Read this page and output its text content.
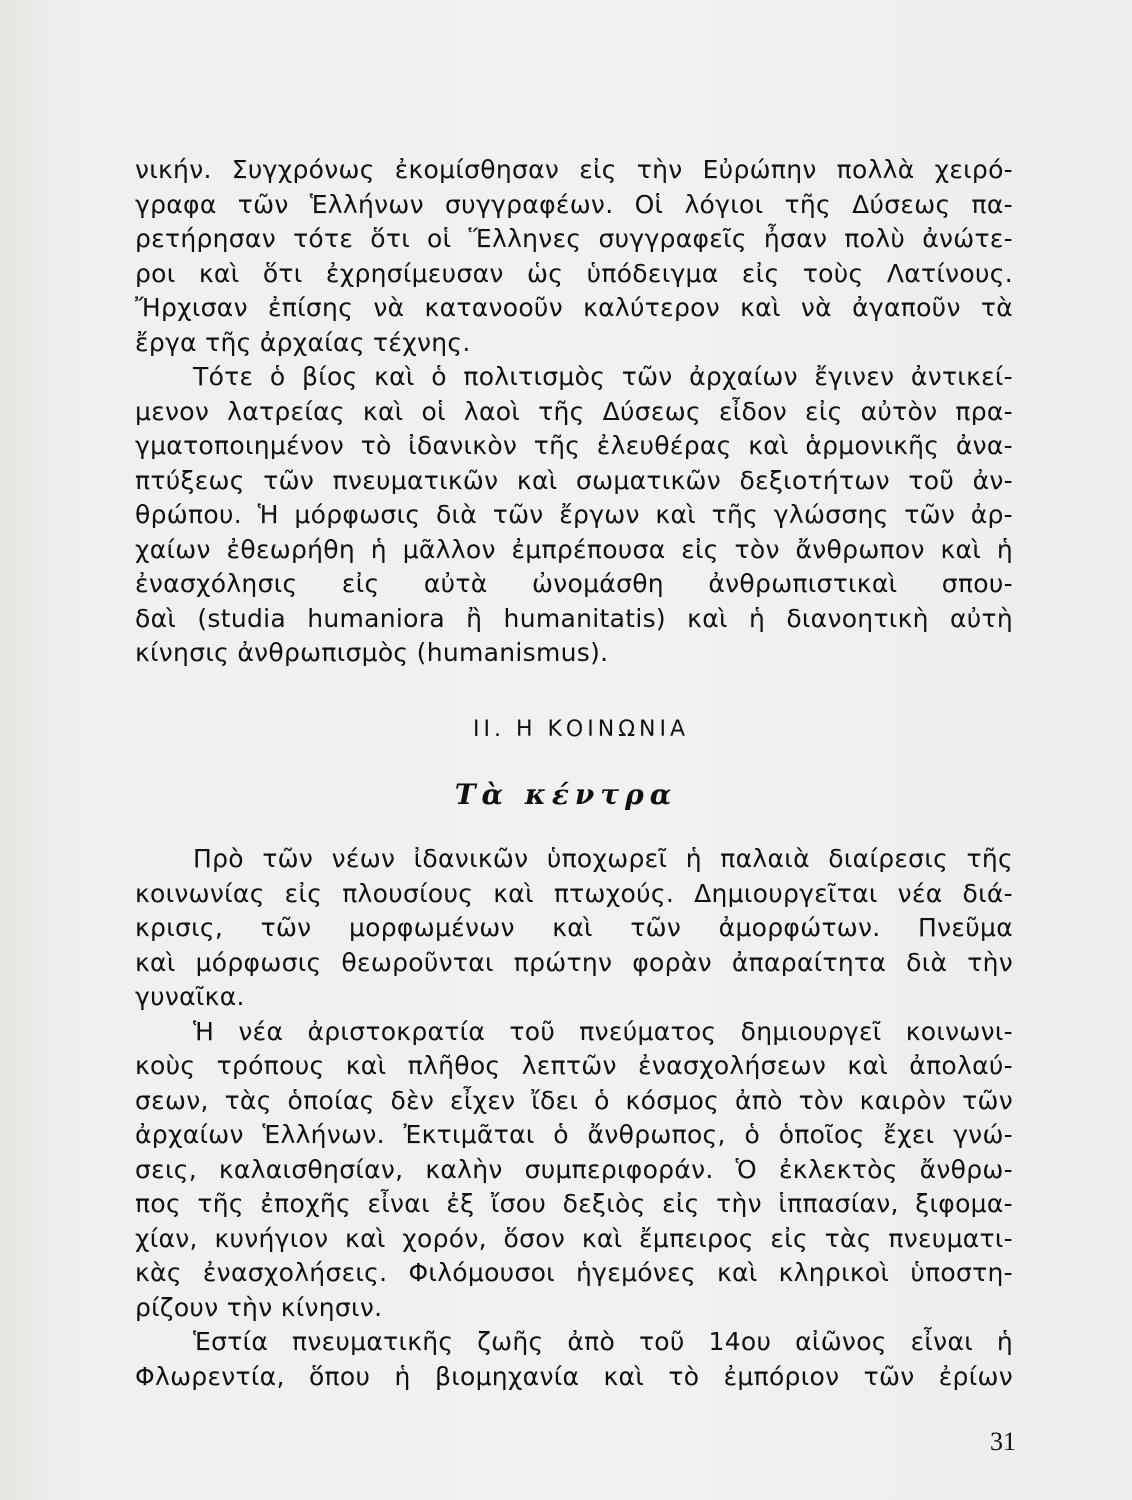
νικήν. Συγχρόνως ἐκομίσθησαν εἰς τὴν Εὐρώπην πολλὰ χειρό-
γραφα τῶν Ἑλλήνων συγγραφέων. Οἱ λόγιοι τῆς Δύσεως πα-
ρετήρησαν τότε ὅτι οἱ Ἕλληνες συγγραφεῖς ἦσαν πολὺ ἀνώτε-
ροι καὶ ὅτι ἐχρησίμευσαν ὡς ὑπόδειγμα εἰς τοὺς Λατίνους.
Ἤρχισαν ἐπίσης νὰ κατανοοῦν καλύτερον καὶ νὰ ἀγαποῦν τὰ
ἔργα τῆς ἀρχαίας τέχνης.
Τότε ὁ βίος καὶ ὁ πολιτισμὸς τῶν ἀρχαίων ἔγινεν ἀντικεί-
μενον λατρείας καὶ οἱ λαοὶ τῆς Δύσεως εἶδον εἰς αὐτὸν πρα-
γματοποιημένον τὸ ἰδανικὸν τῆς ἐλευθέρας καὶ ἁρμονικῆς ἀνα-
πτύξεως τῶν πνευματικῶν καὶ σωματικῶν δεξιοτήτων τοῦ ἀν-
θρώπου. Ἡ μόρφωσις διὰ τῶν ἔργων καὶ τῆς γλώσσης τῶν ἀρ-
χαίων ἐθεωρήθη ἡ μᾶλλον ἐμπρέπουσα εἰς τὸν ἄνθρωπον καὶ ἡ
ἐνασχόλησις εἰς αὐτὰ ὠνομάσθη ἀνθρωπιστικαὶ σπου-
δαὶ (studia humaniora ἢ humanitatis) καὶ ἡ διανοητικὴ αὐτὴ
κίνησις ἀνθρωπισμὸς (humanismus).
II. Η ΚΟΙΝΩΝΙΑ
Τὰ κέντρα
Πρὸ τῶν νέων ἰδανικῶν ὑποχωρεῖ ἡ παλαιὰ διαίρεσις τῆς
κοινωνίας εἰς πλουσίους καὶ πτωχούς. Δημιουργεῖται νέα διά-
κρισις, τῶν μορφωμένων καὶ τῶν ἀμορφώτων. Πνεῦμα
καὶ μόρφωσις θεωροῦνται πρώτην φορὰν ἀπαραίτητα διὰ τὴν
γυναῖκα.
Ἡ νέα ἀριστοκρατία τοῦ πνεύματος δημιουργεῖ κοινωνι-
κοὺς τρόπους καὶ πλῆθος λεπτῶν ἐνασχολήσεων καὶ ἀπολαύ-
σεων, τὰς ὁποίας δὲν εἶχεν ἴδει ὁ κόσμος ἀπὸ τὸν καιρὸν τῶν
ἀρχαίων Ἑλλήνων. Ἐκτιμᾶται ὁ ἄνθρωπος, ὁ ὁποῖος ἔχει γνώ-
σεις, καλαισθησίαν, καλὴν συμπεριφοράν. Ὁ ἐκλεκτὸς ἄνθρω-
πος τῆς ἐποχῆς εἶναι ἐξ ἴσου δεξιὸς εἰς τὴν ἱππασίαν, ξιφομα-
χίαν, κυνήγιον καὶ χορόν, ὅσον καὶ ἔμπειρος εἰς τὰς πνευματι-
κὰς ἐνασχολήσεις. Φιλόμουσοι ἡγεμόνες καὶ κληρικοὶ ὑποστη-
ρίζουν τὴν κίνησιν.
Ἑστία πνευματικῆς ζωῆς ἀπὸ τοῦ 14ου αἰῶνος εἶναι ἡ
Φλωρεντία, ὅπου ἡ βιομηχανία καὶ τὸ ἐμπόριον τῶν ἐρίων
31
